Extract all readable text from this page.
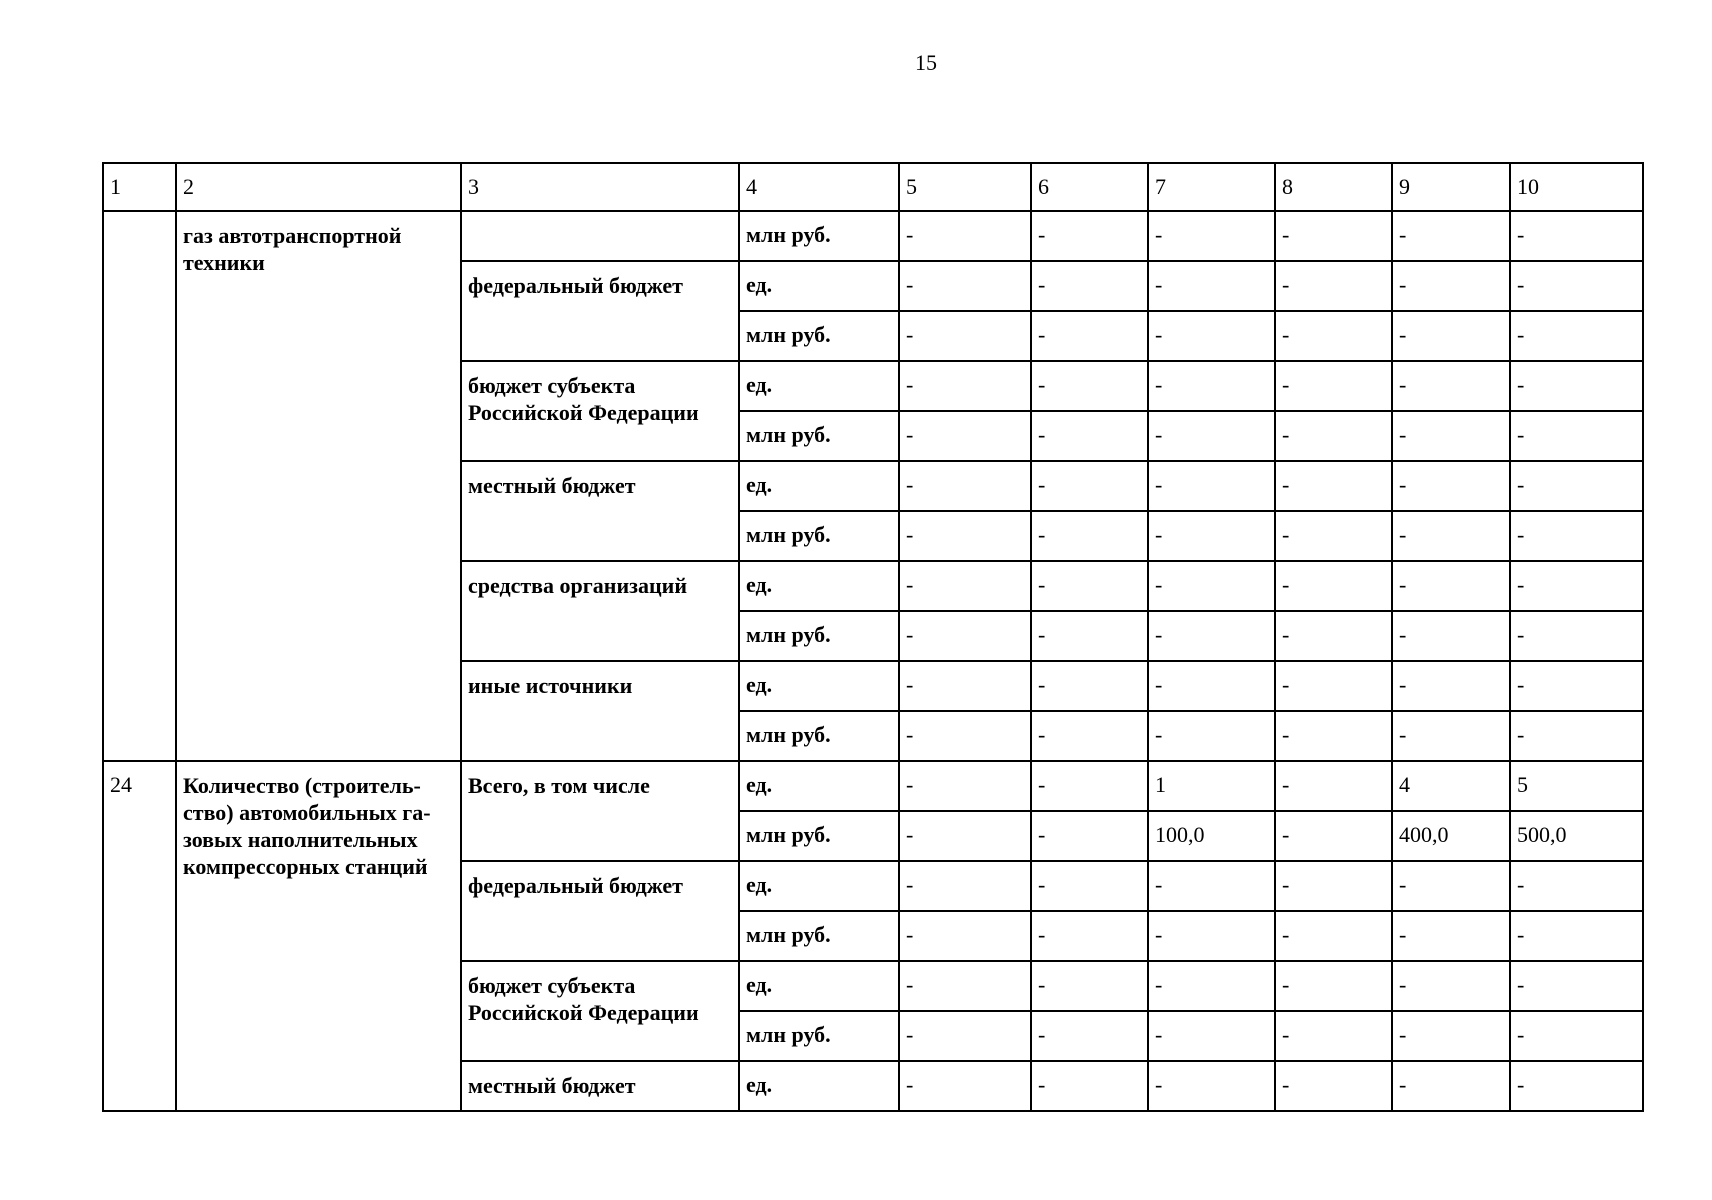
15
1	2	3	4	5	6	7	8	9	10
	газ автотранспортной техники		млн руб.	-	-	-	-	-	-
		федеральный бюджет	ед.	-	-	-	-	-	-
			млн руб.	-	-	-	-	-	-
		бюджет субъекта Российской Федерации	ед.	-	-	-	-	-	-
			млн руб.	-	-	-	-	-	-
		местный бюджет	ед.	-	-	-	-	-	-
			млн руб.	-	-	-	-	-	-
		средства организаций	ед.	-	-	-	-	-	-
			млн руб.	-	-	-	-	-	-
		иные источники	ед.	-	-	-	-	-	-
			млн руб.	-	-	-	-	-	-
24	Количество (строитель-ство) автомобильных га-зовых наполнительных компрессорных станций	Всего, в том числе	ед.	-	-	1	-	4	5
			млн руб.	-	-	100,0	-	400,0	500,0
		федеральный бюджет	ед.	-	-	-	-	-	-
			млн руб.	-	-	-	-	-	-
		бюджет субъекта Российской Федерации	ед.	-	-	-	-	-	-
			млн руб.	-	-	-	-	-	-
		местный бюджет	ед.	-	-	-	-	-	-
